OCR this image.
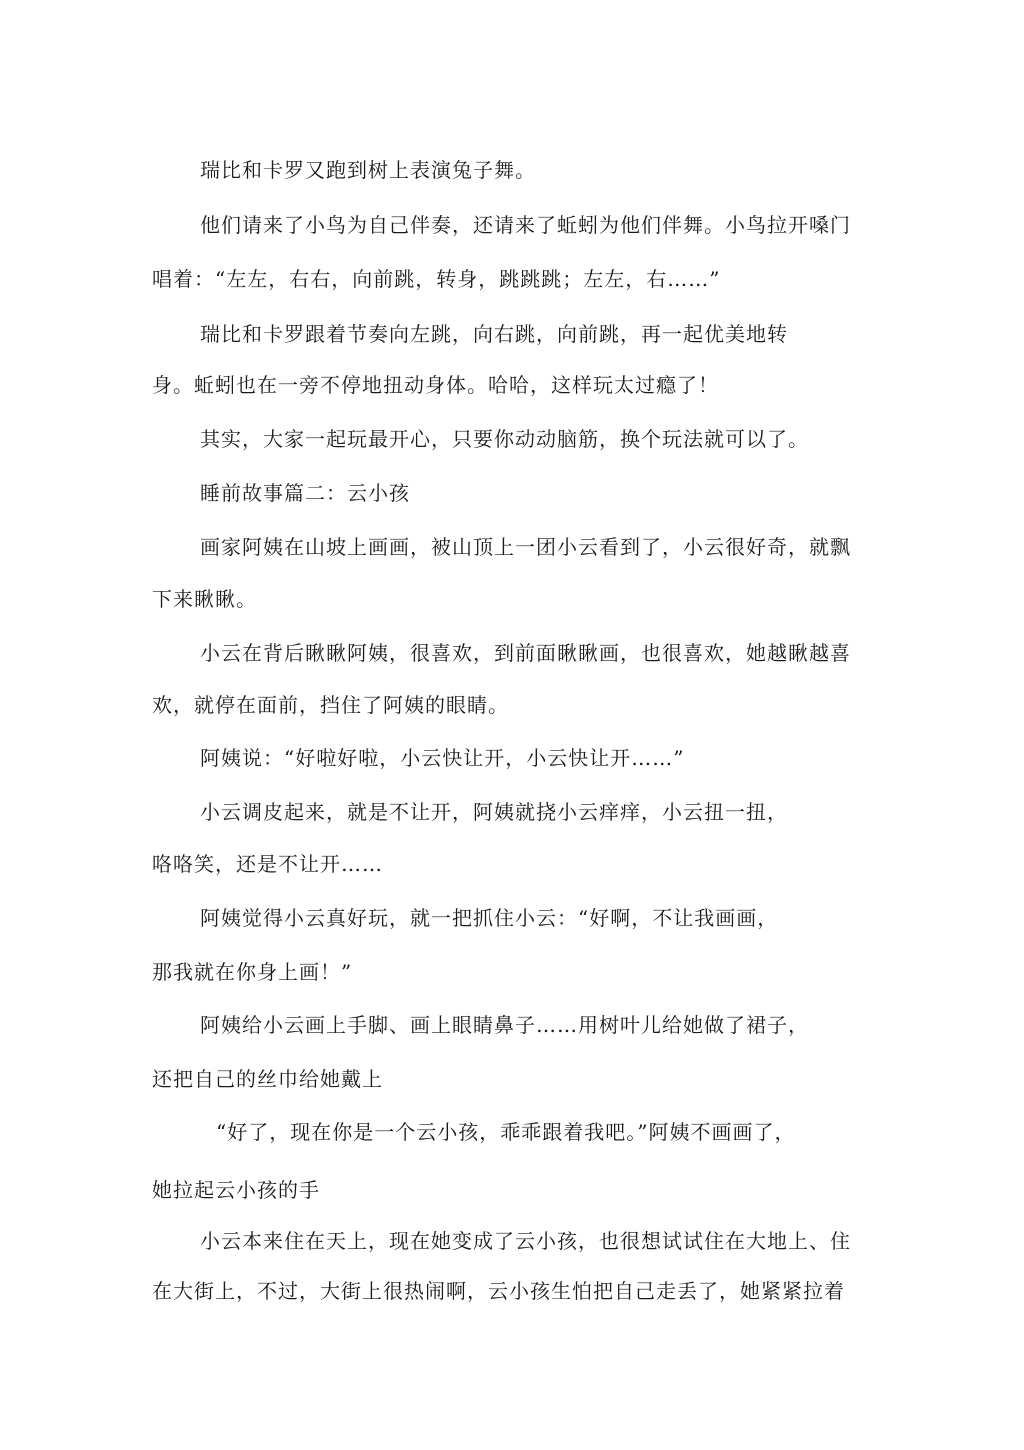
瑞比和卡罗又跑到树上表演兔子舞。
他们请来了小鸟为自己伴奏，还请来了蚯蚓为他们伴舞。小鸟拉开嗓门
唱着：“左左，右右，向前跳，转身，跳跳跳；左左，右……”
瑞比和卡罗跟着节奏向左跳，向右跳，向前跳，再一起优美地转
身。蚯蚓也在一旁不停地扭动身体。哈哈，这样玩太过瘾了！
其实，大家一起玩最开心，只要你动动脑筋，换个玩法就可以了。
睡前故事篇二：云小孩
画家阿姨在山坡上画画，被山顶上一团小云看到了，小云很好奇，就飘
下来瞅瞅。
小云在背后瞅瞅阿姨，很喜欢，到前面瞅瞅画，也很喜欢，她越瞅越喜
欢，就停在面前，挡住了阿姨的眼睛。
阿姨说：“好啦好啦，小云快让开，小云快让开……”
小云调皮起来，就是不让开，阿姨就挠小云痒痒，小云扭一扭，
咯咯笑，还是不让开……
阿姨觉得小云真好玩，就一把抓住小云：“好啊，不让我画画，
那我就在你身上画！”
阿姨给小云画上手脚、画上眼睛鼻子……用树叶儿给她做了裙子，
还把自己的丝巾给她戴上
“好了，现在你是一个云小孩，乖乖跟着我吧。”阿姨不画画了，
她拉起云小孩的手
小云本来住在天上，现在她变成了云小孩，也很想试试住在大地上、住
在大街上，不过，大街上很热闹啊，云小孩生怕把自己走丢了，她紧紧拉着
